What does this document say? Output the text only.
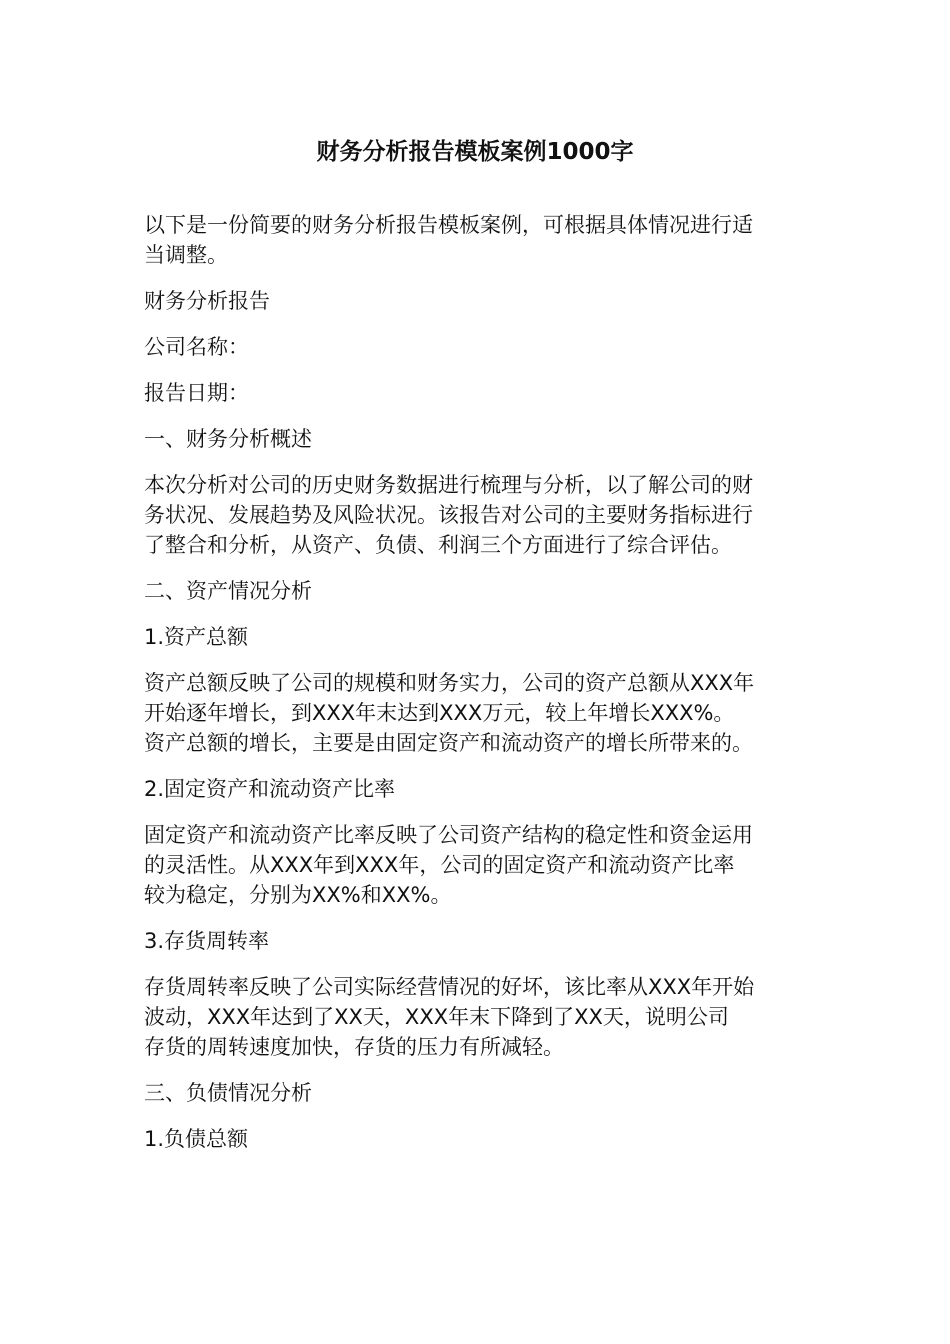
财务分析报告模板案例1000字
以下是一份简要的财务分析报告模板案例，可根据具体情况进行适
当调整。
财务分析报告
公司名称：
报告日期：
一、财务分析概述
本次分析对公司的历史财务数据进行梳理与分析，以了解公司的财
务状况、发展趋势及风险状况。该报告对公司的主要财务指标进行
了整合和分析，从资产、负债、利润三个方面进行了综合评估。
二、资产情况分析
1.资产总额
资产总额反映了公司的规模和财务实力，公司的资产总额从XXX年
开始逐年增长，到XXX年末达到XXX万元，较上年增长XXX%。
资产总额的增长，主要是由固定资产和流动资产的增长所带来的。
2.固定资产和流动资产比率
固定资产和流动资产比率反映了公司资产结构的稳定性和资金运用
的灵活性。从XXX年到XXX年，公司的固定资产和流动资产比率
较为稳定，分别为XX%和XX%。
3.存货周转率
存货周转率反映了公司实际经营情况的好坏，该比率从XXX年开始
波动，XXX年达到了XX天，XXX年末下降到了XX天，说明公司
存货的周转速度加快，存货的压力有所减轻。
三、负债情况分析
1.负债总额
